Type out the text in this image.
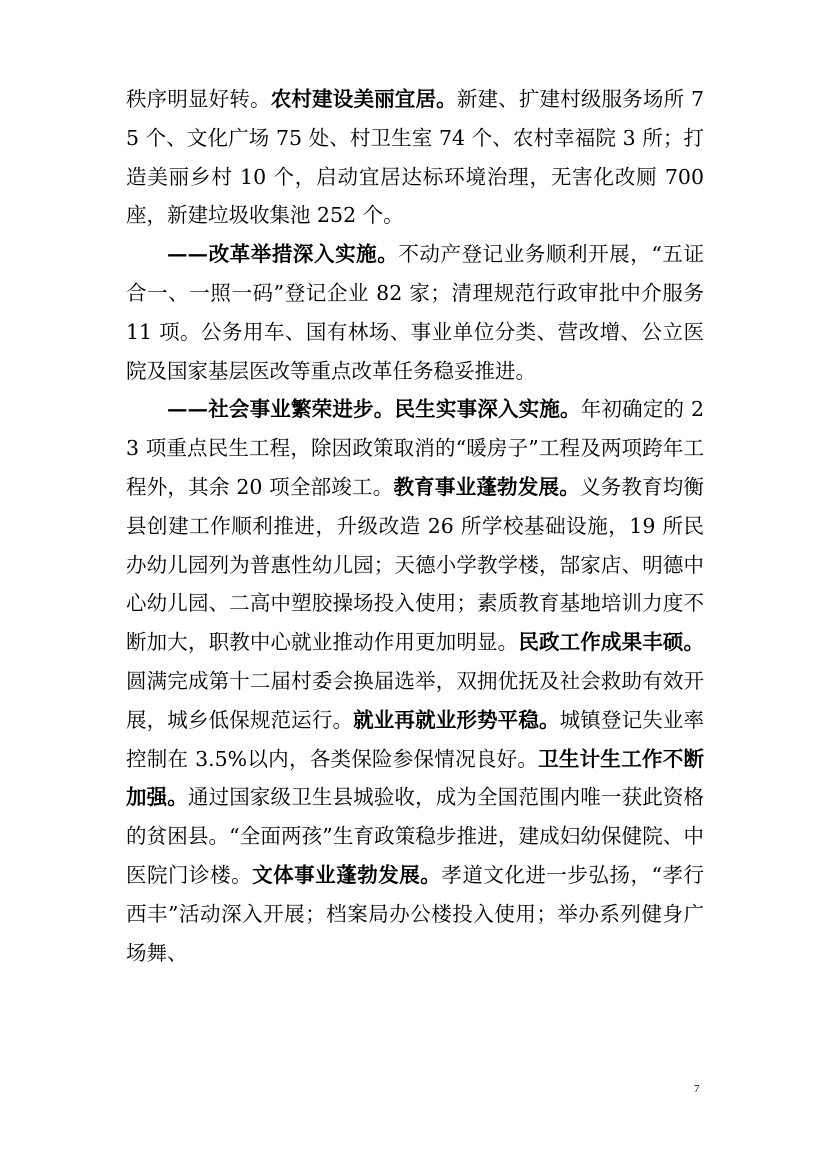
秩序明显好转。农村建设美丽宜居。新建、扩建村级服务场所 75 个、文化广场 75 处、村卫生室 74 个、农村幸福院 3 所；打造美丽乡村 10 个，启动宜居达标环境治理，无害化改厕 700 座，新建垃圾收集池 252 个。

——改革举措深入实施。不动产登记业务顺利开展，“五证合一、一照一码”登记企业 82 家；清理规范行政审批中介服务 11 项。公务用车、国有林场、事业单位分类、营改增、公立医院及国家基层医改等重点改革任务稳妥推进。

——社会事业繁荣进步。民生实事深入实施。年初确定的 23 项重点民生工程，除因政策取消的“暖房子”工程及两项跨年工程外，其余 20 项全部竣工。教育事业蓬勃发展。义务教育均衡县创建工作顺利推进，升级改造 26 所学校基础设施，19 所民办幼儿园列为普惠性幼儿园；天德小学教学楼，郜家店、明德中心幼儿园、二高中塑胶操场投入使用；素质教育基地培训力度不断加大，职教中心就业推动作用更加明显。民政工作成果丰硕。圆满完成第十二届村委会换届选举，双拥优抚及社会救助有效开展，城乡低保规范运行。就业再就业形势平稳。城镇登记失业率控制在 3.5%以内，各类保险参保情况良好。卫生计生工作不断加强。通过国家级卫生县城验收，成为全国范围内唯一获此资格的贫困县。“全面两孩”生育政策稳步推进，建成妇幼保健院、中医院门诊楼。文体事业蓬勃发展。孝道文化进一步弘扬，“孝行西丰”活动深入开展；档案局办公楼投入使用；举办系列健身广场舞、

7
